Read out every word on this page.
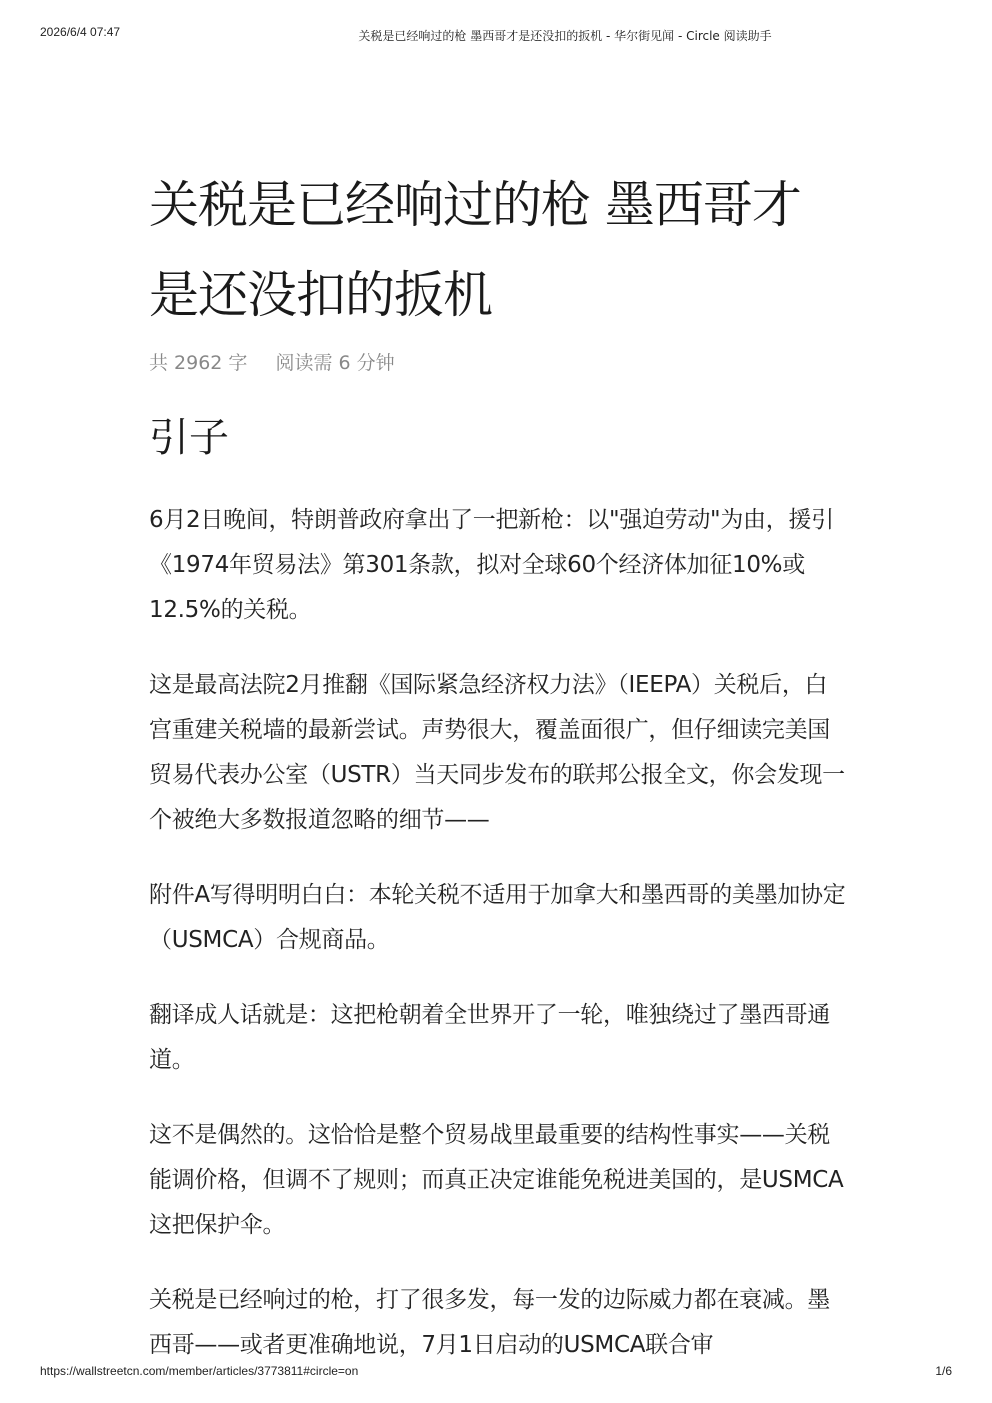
2026/6/4 07:47	关税是已经响过的枪 墨西哥才是还没扣的扳机 - 华尔街见闻 - Circle 阅读助手
关税是已经响过的枪 墨西哥才是还没扣的扳机
共 2962 字 阅读需 6 分钟
引子

6月2日晚间，特朗普政府拿出了一把新枪：以"强迫劳动"为由，援引《1974年贸易法》第301条款，拟对全球60个经济体加征10%或12.5%的关税。

这是最高法院2月推翻《国际紧急经济权力法》（IEEPA）关税后，白宫重建关税墙的最新尝试。声势很大，覆盖面很广，但仔细读完美国贸易代表办公室（USTR）当天同步发布的联邦公报全文，你会发现一个被绝大多数报道忽略的细节——

附件A写得明明白白：本轮关税不适用于加拿大和墨西哥的美墨加协定（USMCA）合规商品。

翻译成人话就是：这把枪朝着全世界开了一轮，唯独绕过了墨西哥通道。

这不是偶然的。这恰恰是整个贸易战里最重要的结构性事实——关税能调价格，但调不了规则；而真正决定谁能免税进美国的，是USMCA这把保护伞。

关税是已经响过的枪，打了很多发，每一发的边际威力都在衰减。墨西哥——或者更准确地说，7月1日启动的USMCA联合审

https://wallstreetcn.com/member/articles/3773811#circle=on	1/6
